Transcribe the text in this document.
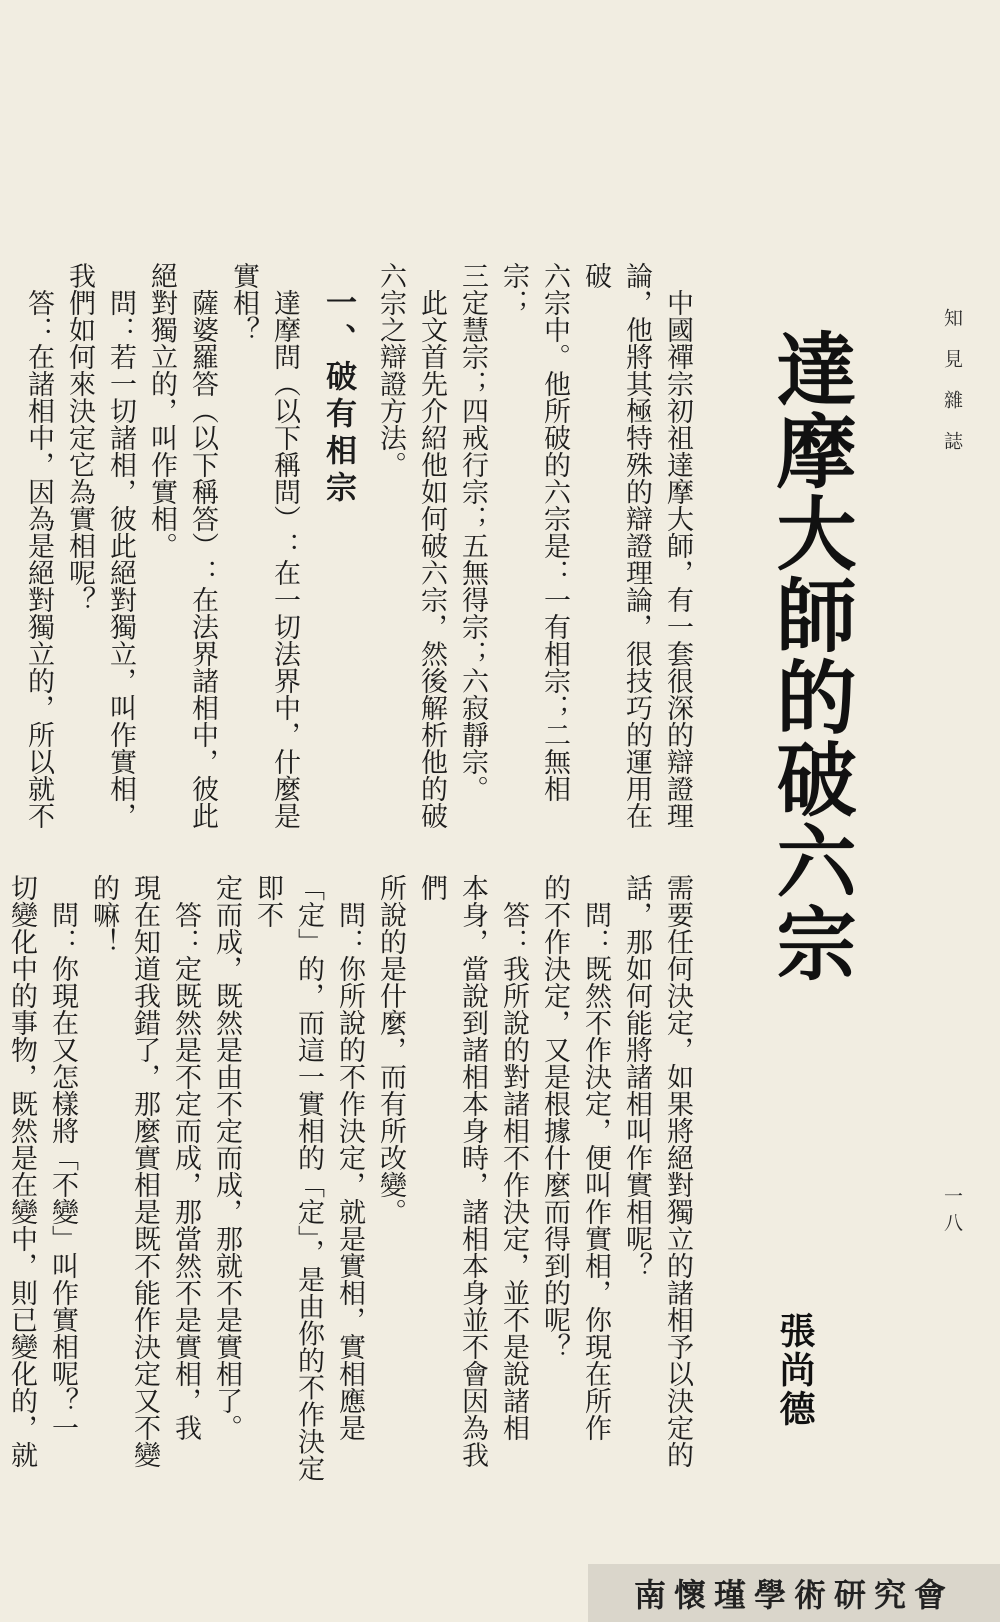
知見雜誌
一八
達摩大師的破六宗
張尚德
　中國禪宗初祖達摩大師，有一套很深的辯證理
論，他將其極特殊的辯證理論，很技巧的運用在破
六宗中。他所破的六宗是：一有相宗；二無相宗；
三定慧宗；四戒行宗；五無得宗；六寂靜宗。
　此文首先介紹他如何破六宗，然後解析他的破
六宗之辯證方法。
一、破有相宗
　達摩問（以下稱問）：在一切法界中，什麼是
實相？
　薩婆羅答（以下稱答）：在法界諸相中，彼此
絕對獨立的，叫作實相。
　問：若一切諸相，彼此絕對獨立，叫作實相，
我們如何來決定它為實相呢？
　答：在諸相中，因為是絕對獨立的，所以就不
需要任何決定，如果將絕對獨立的諸相予以決定的
話，那如何能將諸相叫作實相呢？
　問：既然不作決定，便叫作實相，你現在所作
的不作決定，又是根據什麼而得到的呢？
　答：我所說的對諸相不作決定，並不是說諸相
本身，當說到諸相本身時，諸相本身並不會因為我們
所說的是什麼，而有所改變。
　問：你所說的不作決定，就是實相，實相應是
「定」的，而這一實相的「定」，是由你的不作決定即不
定而成，既然是由不定而成，那就不是實相了。
　答：定既然是不定而成，那當然不是實相，我
現在知道我錯了，那麼實相是既不能作決定又不變
的嘛！
　問：你現在又怎樣將「不變」叫作實相呢？一
切變化中的事物，既然是在變中，則已變化的，就
南懷瑾學術研究會
